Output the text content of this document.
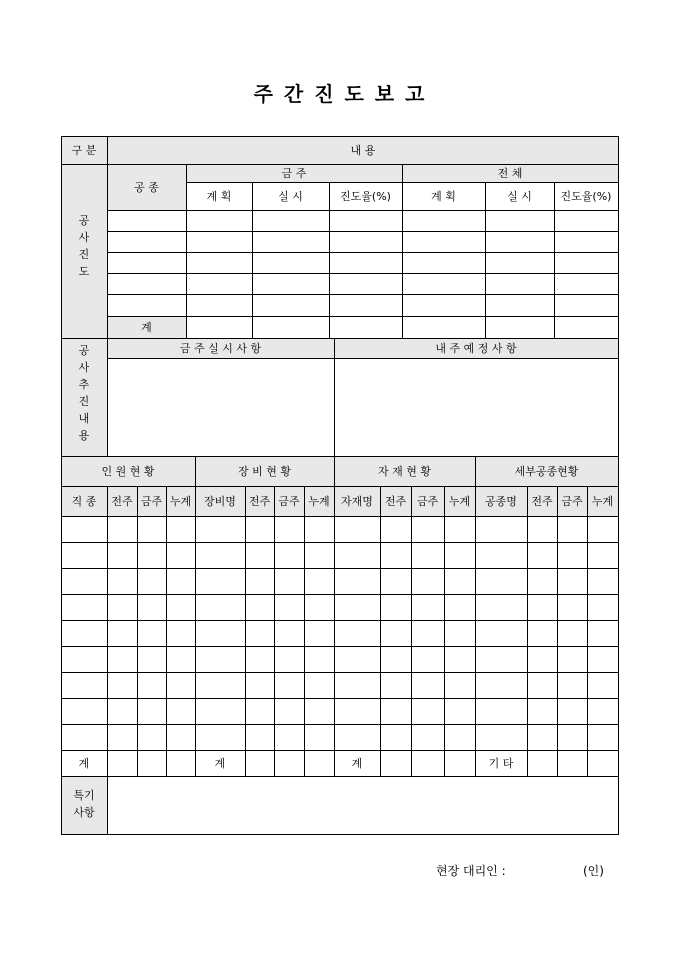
주 간 진 도 보 고
구 분	내 용
공
사
진
도
공 종
금 주	전 체
계 획	실 시	진도율(%)	계 획	실 시	진도율(%)
계
공
사
추
진
내
용
금 주 실 시 사 항	내 주 예 정 사 항
인 원 현 황	장 비 현 황	자 재 현 황	세부공종현황
직 종	전주 금주 누계	장비명	전주 금주 누계	자재명	전주 금주 누계	공종명	전주 금주 누계
계	계	계	기 타
특기
사항
현장 대리인 :	(인)
